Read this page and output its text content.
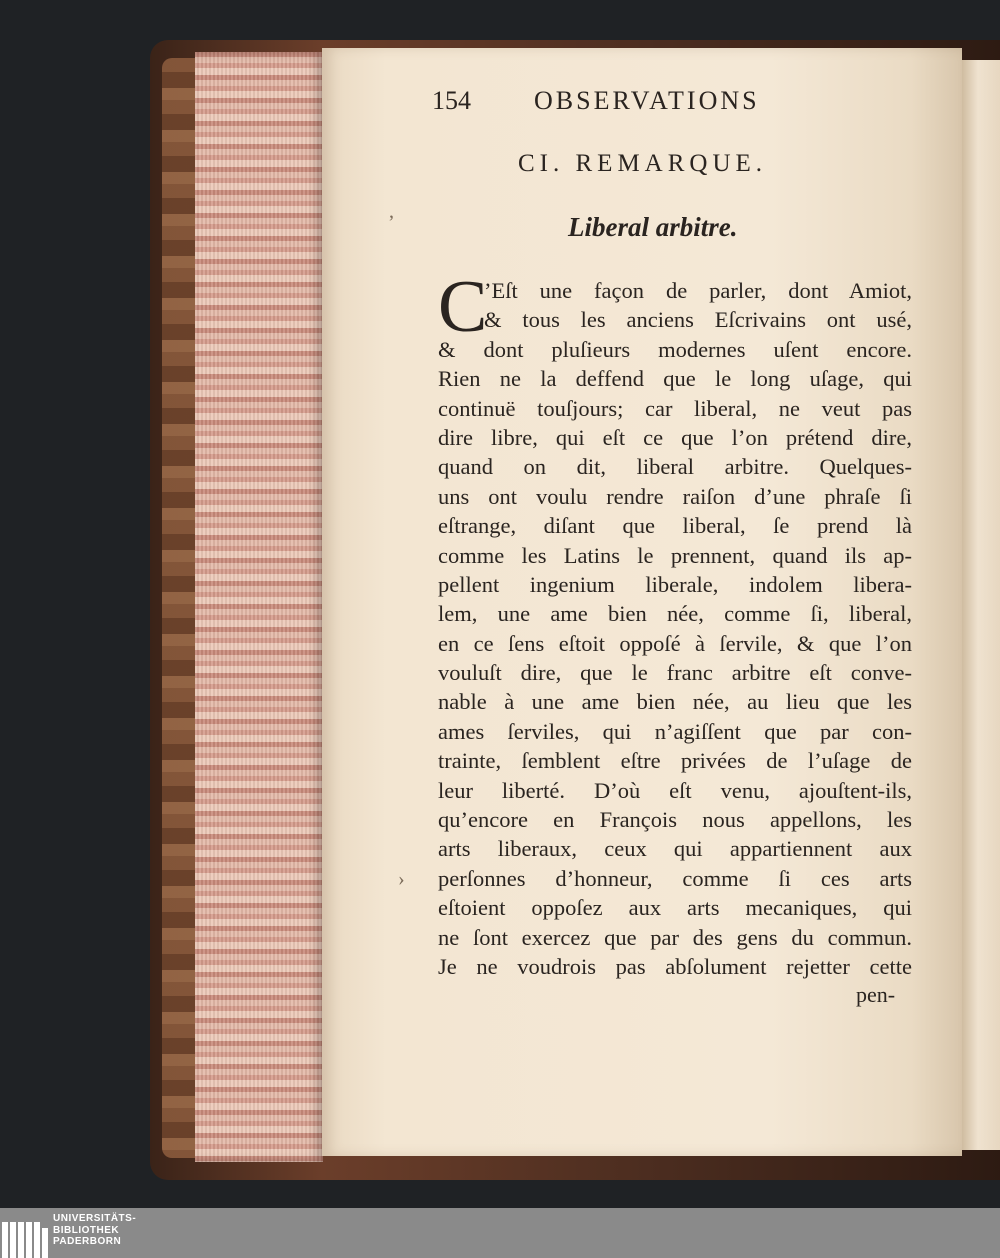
154 OBSERVATIONS
CI. REMARQUE.
Liberal arbitre.
C
’Eſt une façon de parler, dont Amiot,
& tous les anciens Eſcrivains ont usé,
& dont pluſieurs modernes uſent encore.
Rien ne la deffend que le long uſage, qui
continuë touſjours; car liberal, ne veut pas
dire libre, qui eſt ce que l’on prétend dire,
quand on dit, liberal arbitre. Quelques-
uns ont voulu rendre raiſon d’une phraſe ſi
eſtrange, diſant que liberal, ſe prend là
comme les Latins le prennent, quand ils ap-
pellent ingenium liberale, indolem libera-
lem, une ame bien née, comme ſi, liberal,
en ce ſens eſtoit oppoſé à ſervile, & que l’on
vouluſt dire, que le franc arbitre eſt conve-
nable à une ame bien née, au lieu que les
ames ſerviles, qui n’agiſſent que par con-
trainte, ſemblent eſtre privées de l’uſage de
leur liberté. D’où eſt venu, ajouſtent-ils,
qu’encore en François nous appellons, les
arts liberaux, ceux qui appartiennent aux
perſonnes d’honneur, comme ſi ces arts
eſtoient oppoſez aux arts mecaniques, qui
ne ſont exercez que par des gens du commun.
Je ne voudrois pas abſolument rejetter cette
pen-
ʼ
›
UNIVERSITÄTS-
BIBLIOTHEK
PADERBORN
